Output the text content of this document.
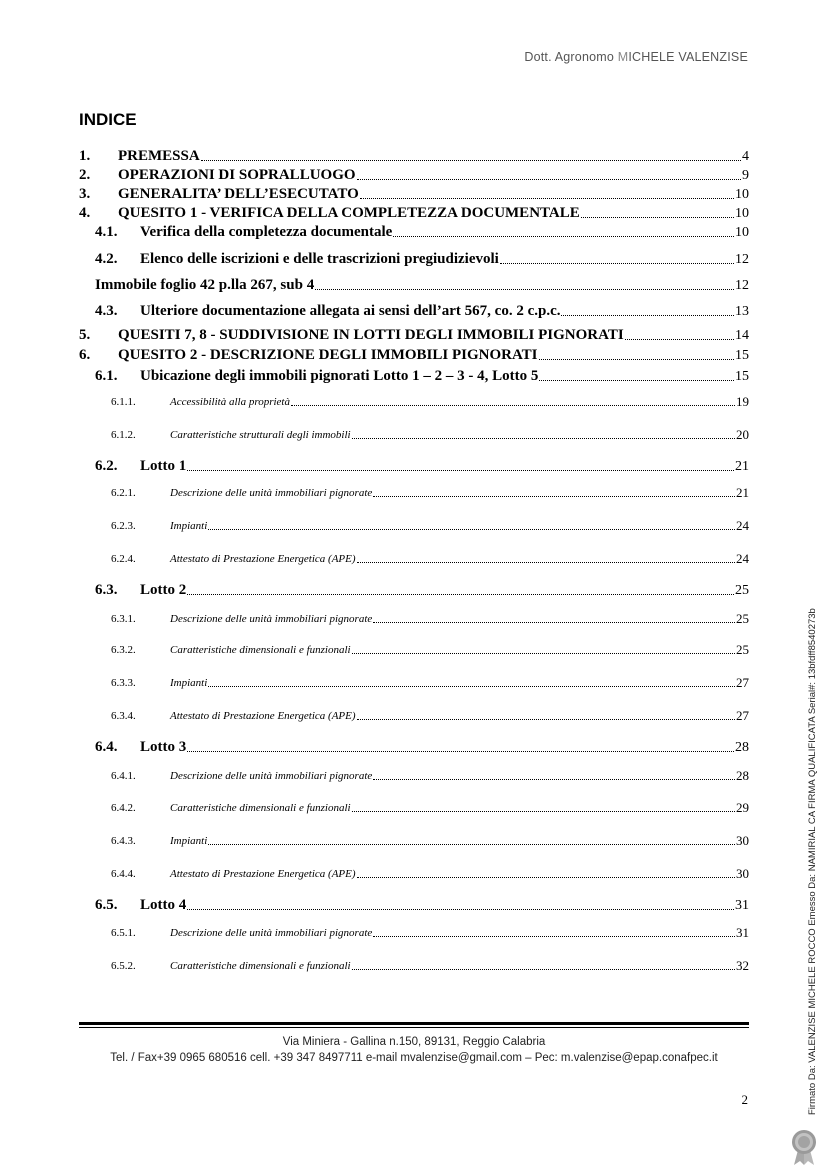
Dott. Agronomo MICHELE VALENZISE
INDICE
1.	PREMESSA	4
2.	OPERAZIONI DI SOPRALLUOGO	9
3.	GENERALITA’ DELL’ESECUTATO	10
4.	QUESITO 1 - VERIFICA DELLA COMPLETEZZA DOCUMENTALE	10
4.1.	Verifica della completezza documentale	10
4.2.	Elenco delle iscrizioni e delle trascrizioni pregiudizievoli	12
Immobile foglio 42 p.lla 267, sub 4	12
4.3.	Ulteriore documentazione allegata ai sensi dell’art 567, co. 2 c.p.c.	13
5.	QUESITI 7, 8 - SUDDIVISIONE IN LOTTI DEGLI IMMOBILI PIGNORATI	14
6.	QUESITO 2 - DESCRIZIONE DEGLI IMMOBILI PIGNORATI	15
6.1.	Ubicazione degli immobili pignorati Lotto 1 – 2 – 3 - 4, Lotto 5	15
6.1.1.	Accessibilità alla proprietà	19
6.1.2.	Caratteristiche strutturali degli immobili	20
6.2.	Lotto 1	21
6.2.1.	Descrizione delle unità immobiliari pignorate	21
6.2.3.	Impianti	24
6.2.4.	Attestato di Prestazione Energetica (APE)	24
6.3.	Lotto 2	25
6.3.1.	Descrizione delle unità immobiliari pignorate	25
6.3.2.	Caratteristiche dimensionali e funzionali	25
6.3.3.	Impianti	27
6.3.4.	Attestato di Prestazione Energetica (APE)	27
6.4.	Lotto 3	28
6.4.1.	Descrizione delle unità immobiliari pignorate	28
6.4.2.	Caratteristiche dimensionali e funzionali	29
6.4.3.	Impianti	30
6.4.4.	Attestato di Prestazione Energetica (APE)	30
6.5.	Lotto 4	31
6.5.1.	Descrizione delle unità immobiliari pignorate	31
6.5.2.	Caratteristiche dimensionali e funzionali	32
Via Miniera - Gallina n.150, 89131, Reggio Calabria
Tel. / Fax+39 0965 680516 cell. +39 347 8497711 e-mail mvalenzise@gmail.com – Pec: m.valenzise@epap.conafpec.it
2	Firmato Da: VALENZISE MICHELE ROCCO Emesso Da: NAMIRIAL CA FIRMA QUALIFICATA Serial#: 13bfdff8540273b
